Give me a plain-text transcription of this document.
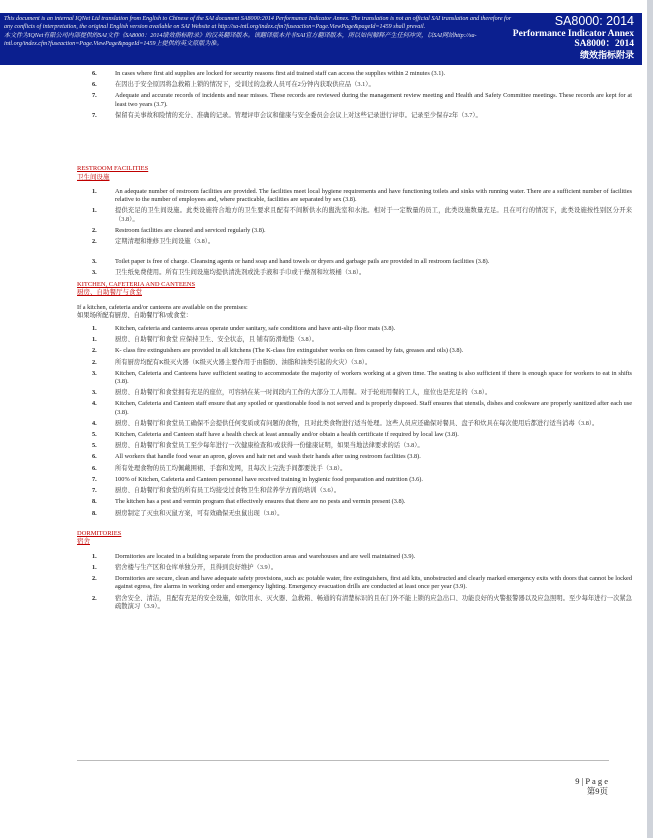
This document is an internal IQNet Ltd translation from English to Chinese of the SAI document SA8000:2014 Performance Indicator Annex. The translation is not an official SAI translation and therefore for any conflicts of interpretation, the original English version available on SAI Website at http://sa-intl.org/index.cfm?fuseaction=Page.ViewPage&pageId=1459 shall prevail.
本文件为IQNet有限公司内部提供的SAI文件《SA8000：2014绩效指标附录》的汉英翻译版本。该翻译版本并非SAI官方翻译版本，所以如何解释产生任何冲突，以SAI网站http://sa-intl.org/index.cfm?fuseaction=Page.ViewPage&pageId=1459上提供的英文原版为准。
SA8000: 2014
Performance Indicator Annex
SA8000：2014
绩效指标附录
6.	In cases where first aid supplies are locked for security reasons first aid trained staff can access the supplies within 2 minutes (3.1).
6.	在因出于安全原因将急救箱上锁的情况下，受训过的急救人员可在2分钟内获取供应品（3.1）。
7.	Adequate and accurate records of incidents and near misses. These records are reviewed during the management review meeting and Health and Safety Committee meetings. These records are kept for at least two years (3.7).
7.	保留有关事故和险情的充分、准确的记录。管理评审会议和健康与安全委员会会议上对这些记录进行评审。记录至少保存2年（3.7）。
RESTROOM FACILITIES
卫生间设施
1.	An adequate number of restroom facilities are provided. The facilities meet local hygiene requirements and have functioning toilets and sinks with running water. There are a sufficient number of facilities relative to the number of employees and, where practicable, facilities are separated by sex (3.8).
1.	提供充足的卫生间设施。此类设施符合地方的卫生要求且配有不间断供水的盥洗室和水池。相对于一定数量的员工，此类设施数量充足。且在可行的情况下，此类设施按性别区分开来（3.8）。
2.	Restroom facilities are cleaned and serviced regularly (3.8).
2.	定期清理和维修卫生间设施（3.8）。
3.	Toilet paper is free of charge. Cleansing agents or hand soap and hand towels or dryers and garbage pails are provided in all restroom facilities (3.8).
3.	卫生纸免费使用。所有卫生间设施均提供清洗剂或洗手液和手巾或干燥剂和垃圾桶（3.8）。
KITCHEN, CAFETERIA AND CANTEENS
厨房、自助餐厅与食堂
If a kitchen, cafeteria and/or canteens are available on the premises:
如果场所配有厨房、自助餐厅和/或食堂：
1.	Kitchen, cafeteria and canteens areas operate under sanitary, safe conditions and have anti-slip floor mats (3.8).
1.	厨房、自助餐厅和食堂 应保持卫生、安全状态，且 铺有防滑地垫（3.8）。
2.	K- class fire extinguishers are provided in all kitchens (The K-class fire extinguisher works on fires caused by fats, greases and oils) (3.8).
2.	所有厨房均配有K级灭火器（K级灭火器主要作用于由脂肪、油脂和油类引起的火灾）（3.8）。
3.	Kitchen, Cafeteria and Canteens have sufficient seating to accommodate the majority of workers working at a given time. The seating is also sufficient if there is enough space for workers to eat in shifts (3.8).
3.	厨房、自助餐厅和食堂拥有充足的座位，可容纳在某一时间段内工作的大部分工人用餐。对于轮班用餐的工人，座位也是充足的（3.8）。
4.	Kitchen, Cafeteria and Canteen staff ensure that any spoiled or questionable food is not served and is properly disposed. Staff ensures that utensils, dishes and cookware are properly sanitized after each use (3.8).
4.	厨房、自助餐厅和食堂员工确保不会提供任何变质或有问题的食物，且对此类食物进行适当处理。这些人员应还确保对餐具、盘子和炊具在每次使用后都进行适当消毒（3.8）。
5.	Kitchen, Cafeteria and Canteen staff have a health check at least annually and/or obtain a health certificate if required by local law (3.8).
5.	厨房、自助餐厅和食堂员工至少每年进行一次健康检查和/或获得一份健康证明，如果当地法律要求的话（3.8）。
6.	All workers that handle food wear an apron, gloves and hair net and wash their hands after using restroom facilities (3.8).
6.	所有处理食物的员工均佩戴围裙、手套和发网，且每次上完洗手间都要洗手（3.8）。
7.	100% of Kitchen, Cafeteria and Canteen personnel have received training in hygienic food preparation and nutrition (3.6).
7.	厨房、自助餐厅和食堂的所有员工均接受过食物卫生和营养学方面的培训（3.6）。
8.	The kitchen has a pest and vermin program that effectively ensures that there are no pests and vermin present (3.8).
8.	厨房制定了灭虫和灭鼠方案，可有效确保无虫鼠出现（3.8）。
DORMITORIES
宿舍
1.	Dormitories are located in a building separate from the production areas and warehouses and are well maintained (3.9).
1.	宿舍楼与生产区和仓库单独分开，且得到良好维护（3.9）。
2.	Dormitories are secure, clean and have adequate safety provisions, such as: potable water, fire extinguishers, first aid kits, unobstructed and clearly marked emergency exits with doors that cannot be locked against egress, fire alarms in working order and emergency lighting. Emergency evacuation drills are conducted at least once per year (3.9).
2.	宿舍安全、清洁，且配有充足的安全设施，如饮用水、灭火器、急救箱、畅通的有清楚标识的且在门外不能上锁的应急出口、功能良好的火警报警器以及应急照明。至少每年进行一次紧急疏散演习（3.9）。
9 | P a g e
第9页
